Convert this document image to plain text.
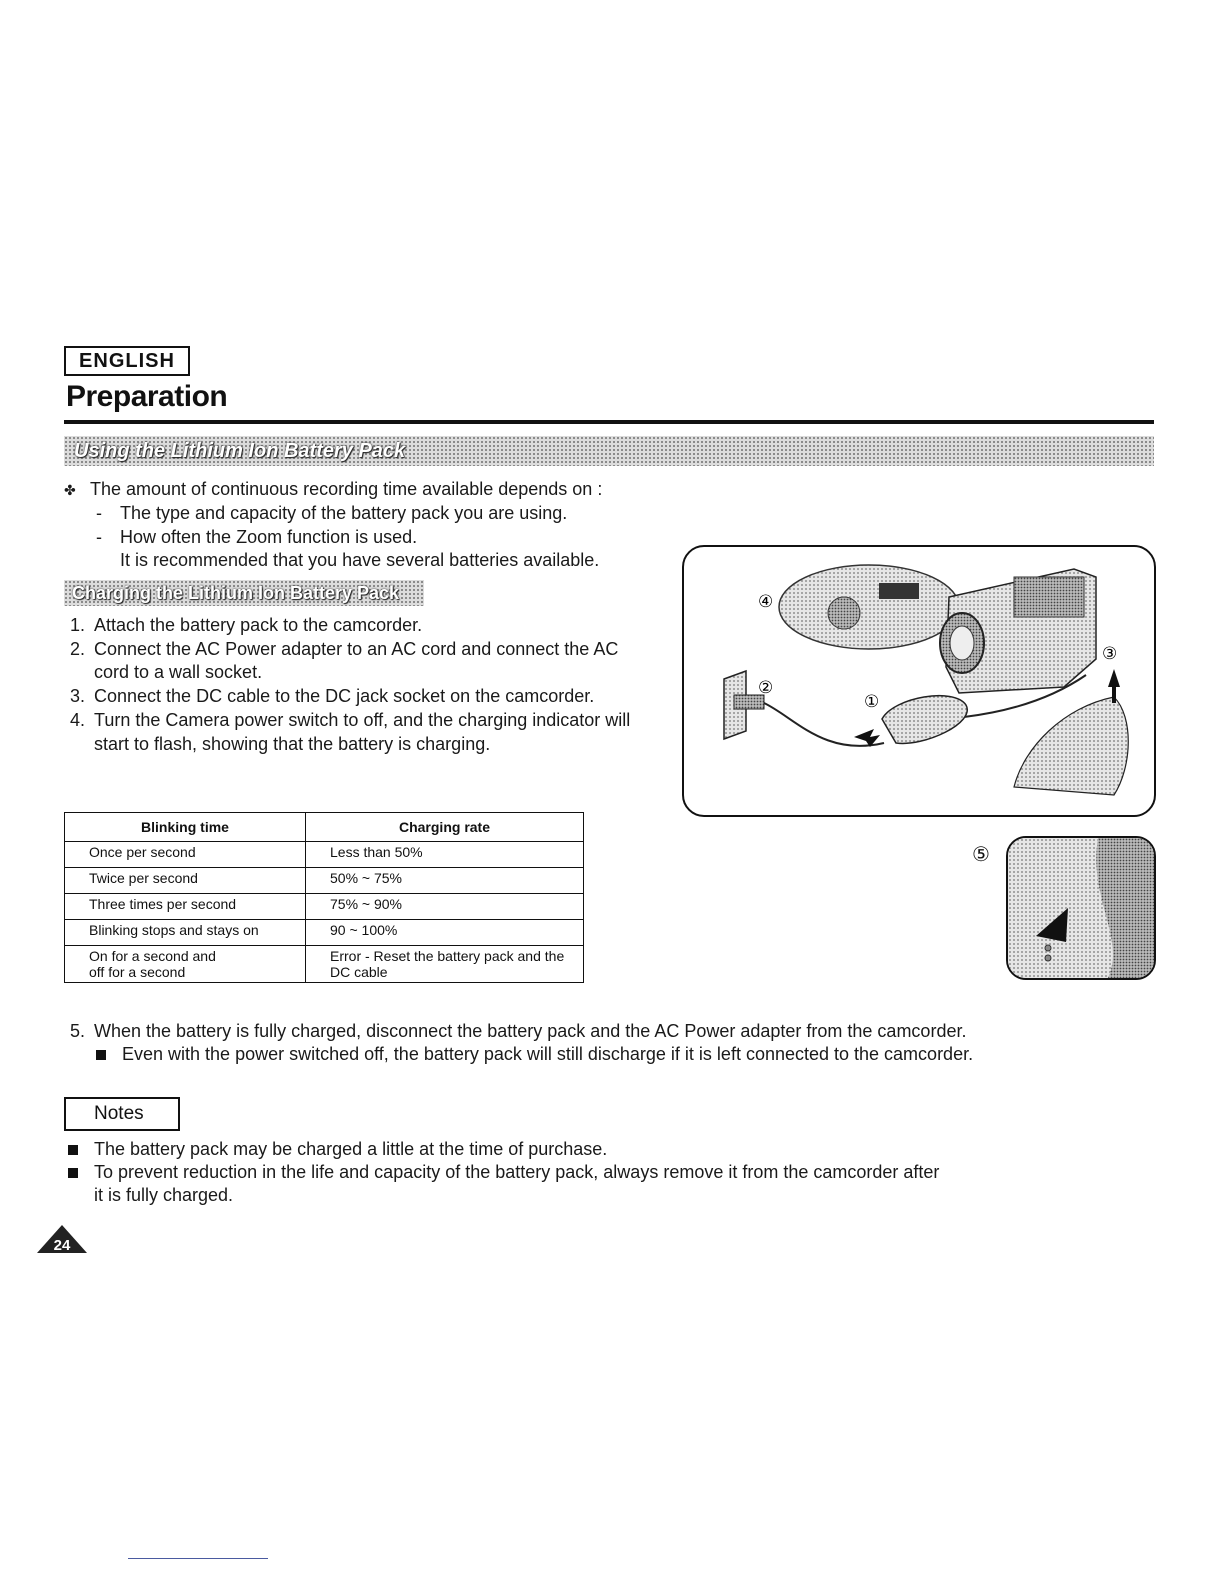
ENGLISH
Preparation
Using the Lithium Ion Battery Pack
✤ The amount of continuous recording time available depends on :
- The type and capacity of the battery pack you are using.
- How often the Zoom function is used.
It is recommended that you have several batteries available.
Charging the Lithium Ion Battery Pack
1. Attach the battery pack to the camcorder.
2. Connect the AC Power adapter to an AC cord and connect the AC
cord to a wall socket.
3. Connect the DC cable to the DC jack socket on the camcorder.
4. Turn the Camera power switch to off, and the charging indicator will
start to flash, showing that the battery is charging.
④
②
①
③
⑤
Blinking time	Charging rate
Once per second	Less than 50%
Twice per second	50% ~ 75%
Three times per second	75% ~ 90%
Blinking stops and stays on	90 ~ 100%
On for a second and
off for a second	Error - Reset the battery pack and the
DC cable
5. When the battery is fully charged, disconnect the battery pack and the AC Power adapter from the camcorder.
Even with the power switched off, the battery pack will still discharge if it is left connected to the camcorder.
Notes
The battery pack may be charged a little at the time of purchase.
To prevent reduction in the life and capacity of the battery pack, always remove it from the camcorder after
it is fully charged.
24
